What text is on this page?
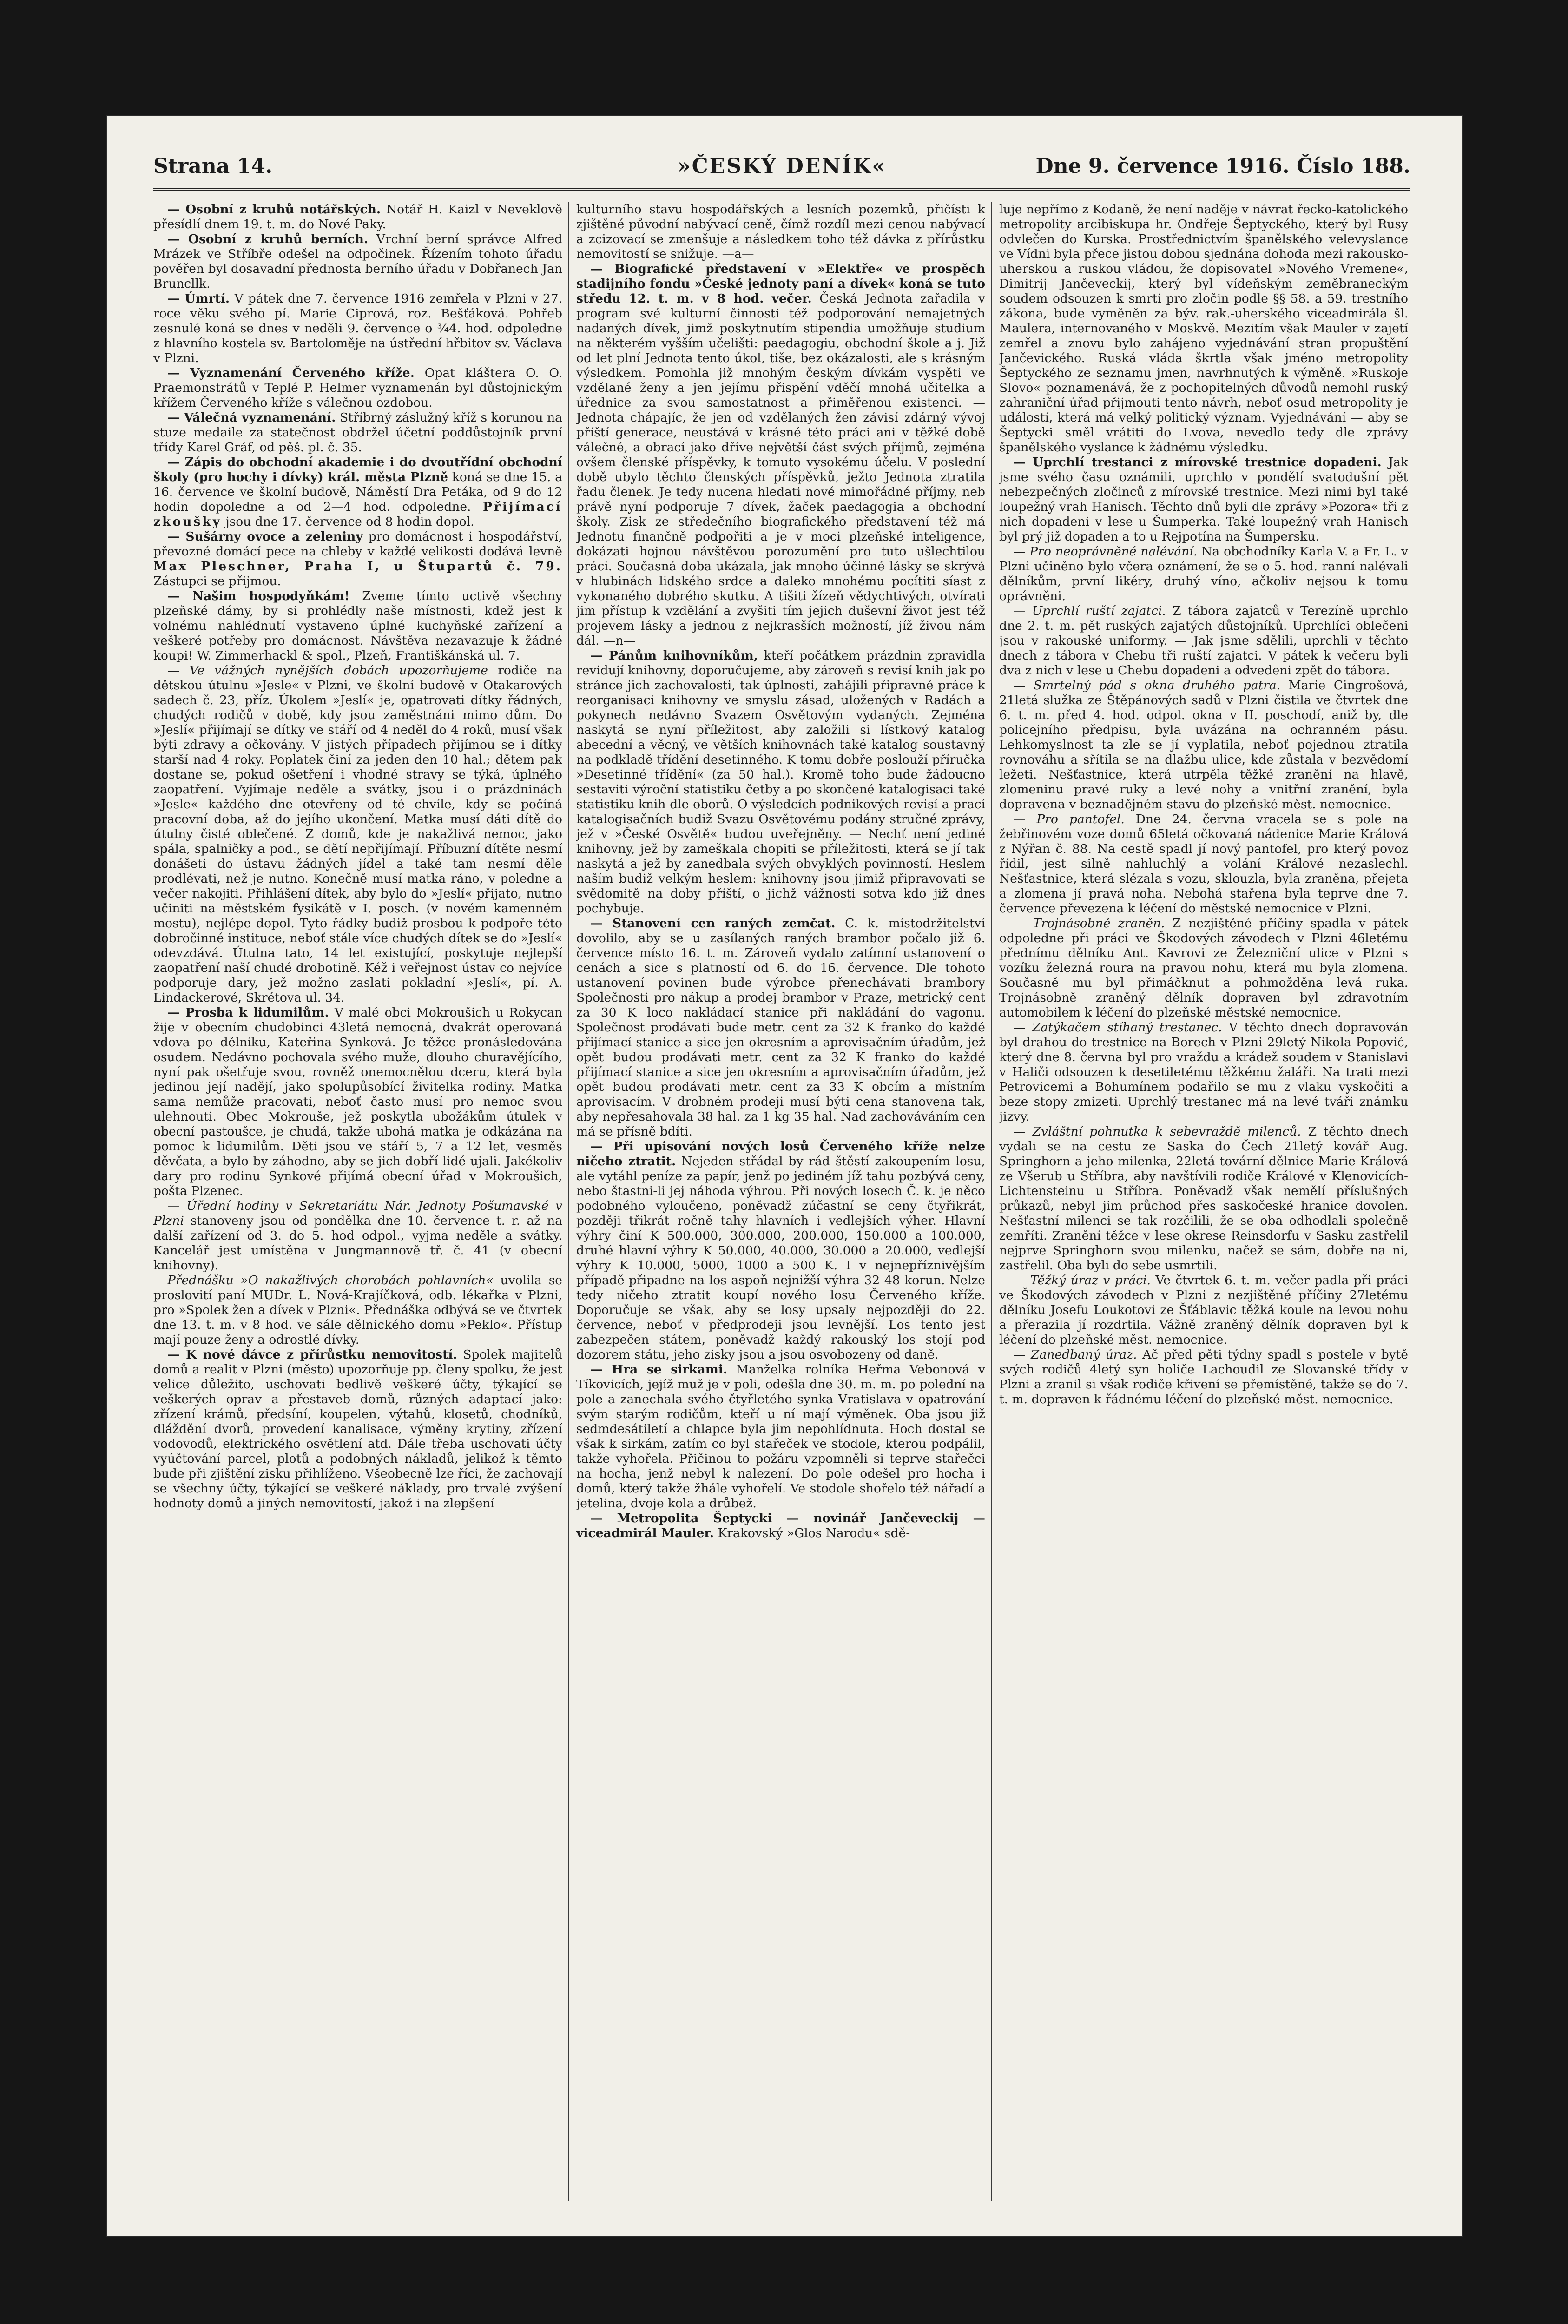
Strana 14.	»ČESKÝ DENÍK«	Dne 9. července 1916. Číslo 188.

— Osobní z kruhů notářských. Notář H. Kaizl v Neveklově přesídlí dnem 19. t. m. do Nové Paky.

— Osobní z kruhů berních. Vrchní berní správce Alfred Mrázek ve Stříbře odešel na odpočinek. Řízením tohoto úřadu pověřen byl dosavadní přednosta berního úřadu v Dobřanech Jan Bruncllk.

— Úmrtí. V pátek dne 7. července 1916 zemřela v Plzni v 27. roce věku svého pí. Marie Ciprová, roz. Bešťáková. Pohřeb zesnulé koná se dnes v neděli 9. července o ¾4. hod. odpoledne z hlavního kostela sv. Bartoloměje na ústřední hřbitov sv. Václava v Plzni.

— Vyznamenání Červeného kříže. Opat kláštera O. O. Praemonstrátů v Teplé P. Helmer vyznamenán byl důstojnickým křížem Červeného kříže s válečnou ozdobou.

— Válečná vyznamenání. Stříbrný záslužný kříž s korunou na stuze medaile za statečnost obdržel účetní poddůstojník první třídy Karel Gráf, od pěš. pl. č. 35.

— Zápis do obchodní akademie i do dvoutřídní obchodní školy (pro hochy i dívky) král. města Plzně koná se dne 15. a 16. července ve školní budově, Náměstí Dra Petáka, od 9 do 12 hodin dopoledne a od 2—4 hod. odpoledne. Přijímací zkoušky jsou dne 17. července od 8 hodin dopol.

— Sušárny ovoce a zeleniny pro domácnost i hospodářství, převozné domácí pece na chleby v každé velikosti dodává levně Max Pleschner, Praha I, u Štupartů č. 79. Zástupci se přijmou.

— Našim hospodyňkám! Zveme tímto uctivě všechny plzeňské dámy, by si prohlédly naše místnosti, kdež jest k volnému nahlédnutí vystaveno úplné kuchyňské zařízení a veškeré potřeby pro domácnost. Návštěva nezavazuje k žádné koupi! W. Zimmerhackl & spol., Plzeň, Františkánská ul. 7.

— Ve vážných nynějších dobách upozorňujeme rodiče na dětskou útulnu »Jesle« v Plzni, ve školní budově v Otakarových sadech č. 23, příz. Úkolem »Jeslí« je, opatrovati dítky řádných, chudých rodičů v době, kdy jsou zaměstnáni mimo dům. Do »Jeslí« přijímají se dítky ve stáří od 4 neděl do 4 roků, musí však býti zdravy a očkovány. V jistých případech přijímou se i dítky starší nad 4 roky. Poplatek činí za jeden den 10 hal.; dětem pak dostane se, pokud ošetření i vhodné stravy se týká, úplného zaopatření. Vyjímaje neděle a svátky, jsou i o prázdninách »Jesle« každého dne otevřeny od té chvíle, kdy se počíná pracovní doba, až do jejího ukončení. Matka musí dáti dítě do útulny čisté oblečené. Z domů, kde je nakažlivá nemoc, jako spála, spalničky a pod., se dětí nepřijímají. Příbuzní dítěte nesmí donášeti do ústavu žádných jídel a také tam nesmí děle prodlévati, než je nutno. Konečně musí matka ráno, v poledne a večer nakojiti. Přihlášení dítek, aby bylo do »Jeslí« přijato, nutno učiniti na městském fysikátě v I. posch. (v novém kamenném mostu), nejlépe dopol. Tyto řádky budiž prosbou k podpoře této dobročinné instituce, neboť stále více chudých dítek se do »Jeslí« odevzdává. Útulna tato, 14 let existující, poskytuje nejlepší zaopatření naší chudé drobotině. Kéž i veřejnost ústav co nejvíce podporuje dary, jež možno zaslati pokladní »Jeslí«, pí. A. Lindackerové, Skrétova ul. 34.

— Prosba k lidumilům. V malé obci Mokroušich u Rokycan žije v obecním chudobinci 43letá nemocná, dvakrát operovaná vdova po dělníku, Kateřina Synková. Je těžce pronásledována osudem. Nedávno pochovala svého muže, dlouho churavějícího, nyní pak ošetřuje svou, rovněž onemocnělou dceru, která byla jedinou její nadějí, jako spolupůsobící živitelka rodiny. Matka sama nemůže pracovati, neboť často musí pro nemoc svou ulehnouti. Obec Mokrouše, jež poskytla ubožákům útulek v obecní pastoušce, je chudá, takže ubohá matka je odkázána na pomoc k lidumilům. Děti jsou ve stáří 5, 7 a 12 let, vesměs děvčata, a bylo by záhodno, aby se jich dobří lidé ujali. Jakékoliv dary pro rodinu Synkové přijímá obecní úřad v Mokroušich, pošta Plzenec.

— Úřední hodiny v Sekretariátu Nár. Jednoty Pošumavské v Plzni stanoveny jsou od pondělka dne 10. července t. r. až na další zařízení od 3. do 5. hod odpol., vyjma neděle a svátky. Kancelář jest umístěna v Jungmannově tř. č. 41 (v obecní knihovny).

Přednášku »O nakažlivých chorobách pohlavních« uvolila se proslovití paní MUDr. L. Nová-Krajíčková, odb. lékařka v Plzni, pro »Spolek žen a dívek v Plzni«. Přednáška odbývá se ve čtvrtek dne 13. t. m. v 8 hod. ve sále dělnického domu »Peklo«. Přístup mají pouze ženy a odrostlé dívky.

— K nové dávce z přírůstku nemovitostí. Spolek majitelů domů a realit v Plzni (město) upozorňuje pp. členy spolku, že jest velice důležito, uschovati bedlivě veškeré účty, týkající se veškerých oprav a přestaveb domů, různých adaptací jako: zřízení krámů, předsíní, koupelen, výtahů, klosetů, chodníků, dláždění dvorů, provedení kanalisace, výměny krytiny, zřízení vodovodů, elektrického osvětlení atd. Dále třeba uschovati účty vyúčtování parcel, plotů a podobných nákladů, jelikož k těmto bude při zjištění zisku přihlíženo. Všeobecně lze říci, že zachovají se všechny účty, týkající se veškeré náklady, pro trvalé zvýšení hodnoty domů a jiných nemovitostí, jakož i na zlepšení

kulturního stavu hospodářských a lesních pozemků, přičísti k zjištěné původní nabývací ceně, čímž rozdíl mezi cenou nabývací a zcizovací se zmenšuje a následkem toho též dávka z přírůstku nemovitostí se snižuje. —a—

— Biografické představení v »Elektře« ve prospěch stadijního fondu »České jednoty paní a dívek« koná se tuto středu 12. t. m. v 8 hod. večer. Česká Jednota zařadila v program své kulturní činnosti též podporování nemajetných nadaných dívek, jimž poskytnutím stipendia umožňuje studium na některém vyšším učelišti: paedagogiu, obchodní škole a j. Již od let plní Jednota tento úkol, tiše, bez okázalosti, ale s krásným výsledkem. Pomohla již mnohým českým dívkám vyspěti ve vzdělané ženy a jen jejímu přispění vděčí mnohá učitelka a úřednice za svou samostatnost a přiměřenou existenci. — Jednota chápajíc, že jen od vzdělaných žen závisí zdárný vývoj příští generace, neustává v krásné této práci ani v těžké době válečné, a obrací jako dříve největší část svých příjmů, zejména ovšem členské příspěvky, k tomuto vysokému účelu. V poslední době ubylo těchto členských příspěvků, ježto Jednota ztratila řadu členek. Je tedy nucena hledati nové mimořádné příjmy, neb právě nyní podporuje 7 dívek, žaček paedagogia a obchodní školy. Zisk ze středečního biografického představení též má Jednotu finančně podpořiti a je v moci plzeňské inteligence, dokázati hojnou návštěvou porozumění pro tuto ušlechtilou práci. Současná doba ukázala, jak mnoho účinné lásky se skrývá v hlubinách lidského srdce a daleko mnohému pocítiti síast z vykonaného dobrého skutku. A tišiti žízeň vědychtivých, otvírati jim přístup k vzdělání a zvyšiti tím jejich duševní život jest též projevem lásky a jednou z nejkrasších možností, jíž živou nám dál. —n—

— Pánům knihovníkům, kteří počátkem prázdnin zpravidla revidují knihovny, doporučujeme, aby zároveň s revisí knih jak po stránce jich zachovalosti, tak úplnosti, zahájili připravné práce k reorganisaci knihovny ve smyslu zásad, uložených v Radách a pokynech nedávno Svazem Osvětovým vydaných. Zejména naskytá se nyní příležitost, aby založili si lístkový katalog abecední a věcný, ve větších knihovnách také katalog soustavný na podkladě třídění desetinného. K tomu dobře poslouží příručka »Desetinné třídění« (za 50 hal.). Kromě toho bude žádoucno sestaviti výroční statistiku četby a po skončené katalogisaci také statistiku knih dle oborů. O výsledcích podnikových revisí a prací katalogisačních budiž Svazu Osvětovému podány stručné zprávy, jež v »České Osvětě« budou uveřejněny. — Nechť není jediné knihovny, jež by zameškala chopiti se příležitosti, která se jí tak naskytá a jež by zanedbala svých obvyklých povinností. Heslem naším budiž velkým heslem: knihovny jsou jimiž připravovati se svědomitě na doby příští, o jichž vážnosti sotva kdo již dnes pochybuje.

— Stanovení cen raných zemčat. C. k. místodržitelství dovolilo, aby se u zasílaných raných brambor počalo již 6. července místo 16. t. m. Zároveň vydalo zatímní ustanovení o cenách a sice s platností od 6. do 16. července. Dle tohoto ustanovení povinen bude výrobce přenechávati brambory Společnosti pro nákup a prodej brambor v Praze, metrický cent za 30 K loco nakládací stanice při nakládání do vagonu. Společnost prodávati bude metr. cent za 32 K franko do každé přijímací stanice a sice jen okresním a aprovisačním úřadům, jež opět budou prodávati metr. cent za 32 K franko do každé přijímací stanice a sice jen okresním a aprovisačním úřadům, jež opět budou prodávati metr. cent za 33 K obcím a místním aprovisacím. V drobném prodeji musí býti cena stanovena tak, aby nepřesahovala 38 hal. za 1 kg 35 hal. Nad zachováváním cen má se přísně bdíti.

— Při upisování nových losů Červeného kříže nelze ničeho ztratit. Nejeden střádal by rád štěstí zakoupením losu, ale vytáhl peníze za papír, jenž po jediném jíž tahu pozbývá ceny, nebo štastni-li jej náhoda výhrou. Při nových losech Č. k. je něco podobného vyloučeno, poněvadž zúčastní se ceny čtyřikrát, později třikrát ročně tahy hlavních i vedlejších výher. Hlavní výhry činí K 500.000, 300.000, 200.000, 150.000 a 100.000, druhé hlavní výhry K 50.000, 40.000, 30.000 a 20.000, vedlejší výhry K 10.000, 5000, 1000 a 500 K. I v nejnepříznivějším případě připadne na los aspoň nejnižší výhra 32 48 korun. Nelze tedy ničeho ztratit koupí nového losu Červeného kříže. Doporučuje se však, aby se losy upsaly nejpozději do 22. července, neboť v předprodeji jsou levnější. Los tento jest zabezpečen státem, poněvadž každý rakouský los stojí pod dozorem státu, jeho zisky jsou a jsou osvobozeny od daně.

— Hra se sirkami. Manželka rolníka Heřma Vebonová v Tíkovicích, jejíž muž je v poli, odešla dne 30. m. m. po polední na pole a zanechala svého čtyřletého synka Vratislava v opatrování svým starým rodičům, kteří u ní mají výměnek. Oba jsou již sedmdesátiletí a chlapce byla jim nepohlídnuta. Hoch dostal se však k sirkám, zatím co byl stařeček ve stodole, kterou podpálil, takže vyhořela. Přičinou to požáru vzpomněli si teprve stařečci na hocha, jenž nebyl k nalezení. Do pole odešel pro hocha i domů, který takže žhále vyhořelí. Ve stodole shořelo též nářadí a jetelina, dvoje kola a drůbež.

— Metropolita Šeptycki — novinář Jančeveckij — viceadmirál Mauler. Krakovský »Glos Narodu« sdě-

luje nepřímo z Kodaně, že není naděje v návrat řecko-katolického metropolity arcibiskupa hr. Ondřeje Šeptyckého, který byl Rusy odvlečen do Kurska. Prostřednictvím španělského velevyslance ve Vídni byla přece jistou dobou sjednána dohoda mezi rakousko-uherskou a ruskou vládou, že dopisovatel »Nového Vremene«, Dimitrij Jančeveckij, který byl vídeňským zeměbraneckým soudem odsouzen k smrti pro zločin podle §§ 58. a 59. trestního zákona, bude vyměněn za býv. rak.-uherského viceadmirála šl. Maulera, internovaného v Moskvě. Mezitím však Mauler v zajetí zemřel a znovu bylo zahájeno vyjednávání stran propuštění Jančevického. Ruská vláda škrtla však jméno metropolity Šeptyckého ze seznamu jmen, navrhnutých k výměně. »Ruskoje Slovo« poznamenává, že z pochopitelných důvodů nemohl ruský zahraniční úřad přijmouti tento návrh, neboť osud metropolity je událostí, která má velký politický význam. Vyjednávání — aby se Šeptycki směl vrátiti do Lvova, nevedlo tedy dle zprávy španělského vyslance k žádnému výsledku.

— Uprchlí trestanci z mírovské trestnice dopadeni. Jak jsme svého času oznámili, uprchlo v pondělí svatodušní pět nebezpečných zločinců z mírovské trestnice. Mezi nimi byl také loupežný vrah Hanisch. Těchto dnů byli dle zprávy »Pozora« tři z nich dopadeni v lese u Šumperka. Také loupežný vrah Hanisch byl prý již dopaden a to u Rejpotína na Šumpersku.

— Pro neoprávněné nalévání. Na obchodníky Karla V. a Fr. L. v Plzni učiněno bylo včera oznámení, že se o 5. hod. ranní nalévali dělníkům, první likéry, druhý víno, ačkoliv nejsou k tomu oprávněni.

— Uprchlí ruští zajatci. Z tábora zajatců v Terezíně uprchlo dne 2. t. m. pět ruských zajatých důstojníků. Uprchlíci oblečeni jsou v rakouské uniformy. — Jak jsme sdělili, uprchli v těchto dnech z tábora v Chebu tři ruští zajatci. V pátek k večeru byli dva z nich v lese u Chebu dopadeni a odvedeni zpět do tábora.

— Smrtelný pád s okna druhého patra. Marie Cingrošová, 21letá služka ze Štěpánových sadů v Plzni čistila ve čtvrtek dne 6. t. m. před 4. hod. odpol. okna v II. poschodí, aniž by, dle policejního předpisu, byla uvázána na ochranném pásu. Lehkomyslnost ta zle se jí vyplatila, neboť pojednou ztratila rovnováhu a sřítila se na dlažbu ulice, kde zůstala v bezvědomí ležeti. Nešťastnice, která utrpěla těžké zranění na hlavě, zlomeninu pravé ruky a levé nohy a vnitřní zranění, byla dopravena v beznadějném stavu do plzeňské měst. nemocnice.

— Pro pantofel. Dne 24. června vracela se s pole na žebřinovém voze domů 65letá očkovaná nádenice Marie Králová z Nýřan č. 88. Na cestě spadl jí nový pantofel, pro který povoz řídil, jest silně nahluchlý a volání Králové nezaslechl. Nešťastnice, která slézala s vozu, sklouzla, byla zraněna, přejeta a zlomena jí pravá noha. Nebohá stařena byla teprve dne 7. července převezena k léčení do městské nemocnice v Plzni.

— Trojnásobně zraněn. Z nezjištěné příčiny spadla v pátek odpoledne při práci ve Škodových závodech v Plzni 46letému přednímu dělníku Ant. Kavrovi ze Železniční ulice v Plzni s vozíku železná roura na pravou nohu, která mu byla zlomena. Současně mu byl přimáčknut a pohmožděna levá ruka. Trojnásobně zraněný dělník dopraven byl zdravotním automobilem k léčení do plzeňské městské nemocnice.

— Zatýkačem stíhaný trestanec. V těchto dnech dopravován byl drahou do trestnice na Borech v Plzni 29letý Nikola Popović, který dne 8. června byl pro vraždu a krádež soudem v Stanislavi v Haliči odsouzen k desetiletému těžkému žaláři. Na trati mezi Petrovicemi a Bohumínem podařilo se mu z vlaku vyskočiti a beze stopy zmizeti. Uprchlý trestanec má na levé tváři známku jizvy.

— Zvláštní pohnutka k sebevraždě milenců. Z těchto dnech vydali se na cestu ze Saska do Čech 21letý kovář Aug. Springhorn a jeho milenka, 22letá tovární dělnice Marie Králová ze Všerub u Stříbra, aby navštívili rodiče Králové v Klenovicích-Lichtensteinu u Stříbra. Poněvadž však nemělí příslušných průkazů, nebyl jim průchod přes saskočeské hranice dovolen. Nešťastní milenci se tak rozčilili, že se oba odhodlali společně zemříti. Zranění těžce v lese okrese Reinsdorfu v Sasku zastřelil nejprve Springhorn svou milenku, načež se sám, dobře na ni, zastřelil. Oba byli do sebe usmrtili.

— Těžký úraz v práci. Ve čtvrtek 6. t. m. večer padla při práci ve Škodových závodech v Plzni z nezjištěné příčiny 27letému dělníku Josefu Loukotovi ze Šťáblavic těžká koule na levou nohu a přerazila jí rozdrtila. Vážně zraněný dělník dopraven byl k léčení do plzeňské měst. nemocnice.

— Zanedbaný úraz. Ač před pěti týdny spadl s postele v bytě svých rodičů 4letý syn holiče Lachoudil ze Slovanské třídy v Plzni a zranil si však rodiče křivení se přemístěné, takže se do 7. t. m. dopraven k řádnému léčení do plzeňské měst. nemocnice.
